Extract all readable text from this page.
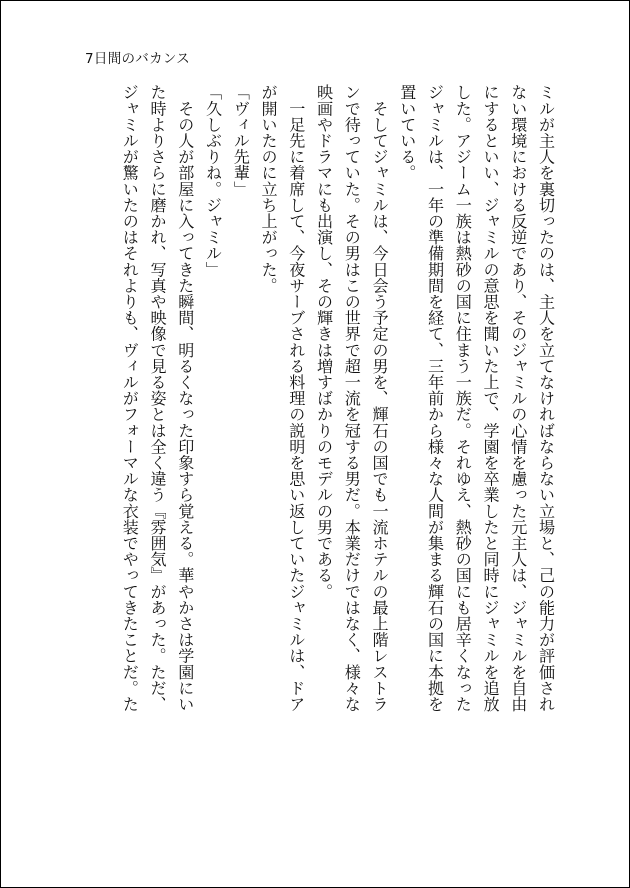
7日間のバカンス
ミルが主人を裏切ったのは、主人を立てなければならない立場と、己の能力が評価され
ない環境における反逆であり、そのジャミルの心情を慮った元主人は、ジャミルを自由
にするといい、ジャミルの意思を聞いた上で、学園を卒業したと同時にジャミルを追放
した。アジーム一族は熱砂の国に住まう一族だ。それゆえ、熱砂の国にも居辛くなった
ジャミルは、一年の準備期間を経て、三年前から様々な人間が集まる輝石の国に本拠を
置いている。
　そしてジャミルは、今日会う予定の男を、輝石の国でも一流ホテルの最上階レストラ
ンで待っていた。その男はこの世界で超一流を冠する男だ。本業だけではなく、様々な
映画やドラマにも出演し、その輝きは増すばかりのモデルの男である。
　一足先に着席して、今夜サーブされる料理の説明を思い返していたジャミルは、ドア
が開いたのに立ち上がった。
「ヴィル先輩」
「久しぶりね。ジャミル」
　その人が部屋に入ってきた瞬間、明るくなった印象すら覚える。華やかさは学園にい
た時よりさらに磨かれ、写真や映像で見る姿とは全く違う『雰囲気』があった。ただ、
ジャミルが驚いたのはそれよりも、ヴィルがフォーマルな衣装でやってきたことだ。た
